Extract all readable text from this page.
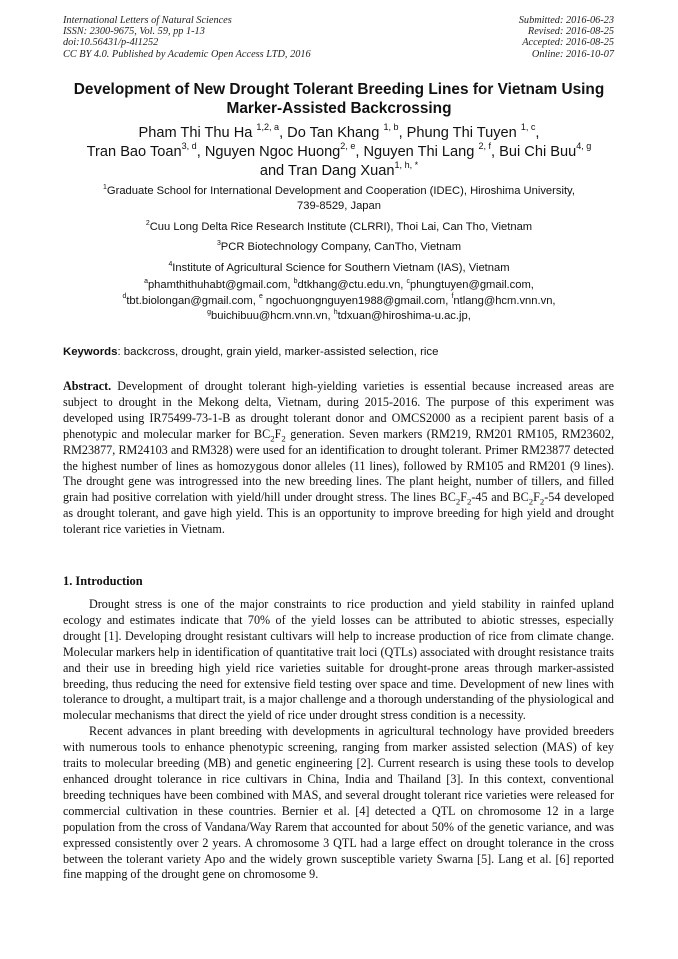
International Letters of Natural Sciences
ISSN: 2300-9675, Vol. 59, pp 1-13
doi:10.56431/p-4l1252
CC BY 4.0. Published by Academic Open Access LTD, 2016
Submitted: 2016-06-23
Revised: 2016-08-25
Accepted: 2016-08-25
Online: 2016-10-07
Development of New Drought Tolerant Breeding Lines for Vietnam Using
Marker-Assisted Backcrossing
Pham Thi Thu Ha $^{1,2, a}$, Do Tan Khang $^{1, b}$, Phung Thi Tuyen $^{1, c}$,
Tran Bao Toan$^{3, d}$, Nguyen Ngoc Huong$^{2, e}$, Nguyen Thi Lang $^{2, f}$, Bui Chi Buu$^{4, g}$
and Tran Dang Xuan$^{1, h, *}$
$^1$Graduate School for International Development and Cooperation (IDEC), Hiroshima University,
739-8529, Japan
$^2$Cuu Long Delta Rice Research Institute (CLRRI), Thoi Lai, Can Tho, Vietnam
$^3$PCR Biotechnology Company, CanTho, Vietnam
$^4$Institute of Agricultural Science for Southern Vietnam (IAS), Vietnam
$^a$phamthithuhabt@gmail.com, $^b$dtkhang@ctu.edu.vn, $^c$phungtuyen@gmail.com,
$^d$tbt.biolongan@gmail.com, $^e$ ngochuongnguyen1988@gmail.com, $^f$ntlang@hcm.vnn.vn,
$^g$buichibuu@hcm.vnn.vn, $^h$tdxuan@hiroshima-u.ac.jp,
Keywords: backcross, drought, grain yield, marker-assisted selection, rice
Abstract. Development of drought tolerant high-yielding varieties is essential because increased areas are subject to drought in the Mekong delta, Vietnam, during 2015-2016. The purpose of this experiment was developed using IR75499-73-1-B as drought tolerant donor and OMCS2000 as a recipient parent basis of a phenotypic and molecular marker for $BC_2F_2$ generation. Seven markers (RM219, RM201 RM105, RM23602, RM23877, RM24103 and RM328) were used for an identification to drought tolerant. Primer RM23877 detected the highest number of lines as homozygous donor alleles (11 lines), followed by RM105 and RM201 (9 lines). The drought gene was introgressed into the new breeding lines. The plant height, number of tillers, and filled grain had positive correlation with yield/hill under drought stress. The lines $BC_2F_2-45$ and $BC_2F_2-54$ developed as drought tolerant, and gave high yield. This is an opportunity to improve breeding for high yield and drought tolerant rice varieties in Vietnam.
1. Introduction

Drought stress is one of the major constraints to rice production and yield stability in rainfed upland ecology and estimates indicate that 70% of the yield losses can be attributed to abiotic stresses, especially drought [1]. Developing drought resistant cultivars will help to increase production of rice from climate change. Molecular markers help in identification of quantitative trait loci (QTLs) associated with drought resistance traits and their use in breeding high yield rice varieties suitable for drought-prone areas through marker-assisted breeding, thus reducing the need for extensive field testing over space and time. Development of new lines with tolerance to drought, a multipart trait, is a major challenge and a thorough understanding of the physiological and molecular mechanisms that direct the yield of rice under drought stress condition is a necessity.

Recent advances in plant breeding with developments in agricultural technology have provided breeders with numerous tools to enhance phenotypic screening, ranging from marker assisted selection (MAS) of key traits to molecular breeding (MB) and genetic engineering [2]. Current research is using these tools to develop enhanced drought tolerance in rice cultivars in China, India and Thailand [3]. In this context, conventional breeding techniques have been combined with MAS, and several drought tolerant rice varieties were released for commercial cultivation in these countries. Bernier et al. [4] detected a QTL on chromosome 12 in a large population from the cross of Vandana/Way Rarem that accounted for about 50% of the genetic variance, and was expressed consistently over 2 years. A chromosome 3 QTL had a large effect on drought tolerance in the cross between the tolerant variety Apo and the widely grown susceptible variety Swarna [5]. Lang et al. [6] reported fine mapping of the drought gene on chromosome 9.
